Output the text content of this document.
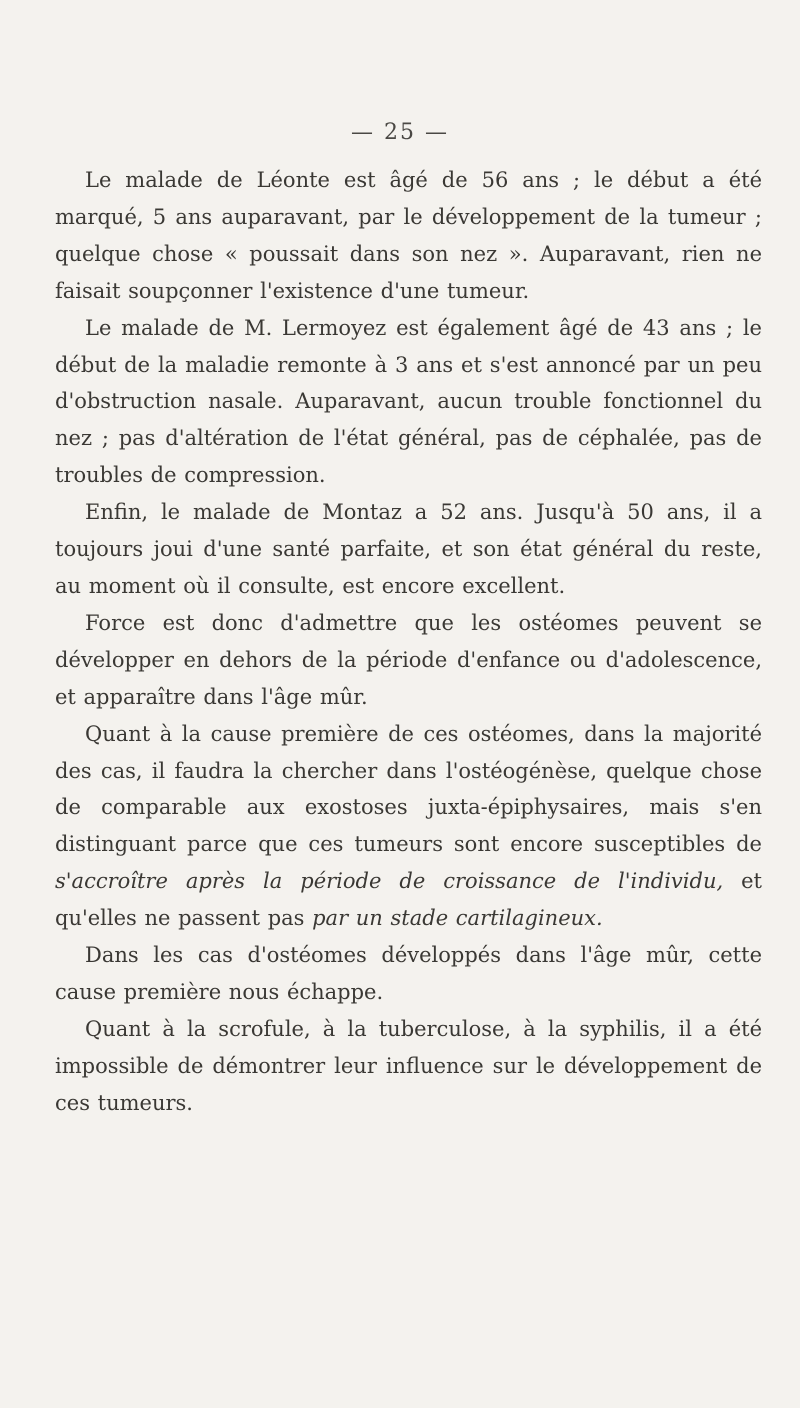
— 25 —

Le malade de Léonte est âgé de 56 ans ; le début a été marqué, 5 ans auparavant, par le développement de la tumeur ; quelque chose « poussait dans son nez ». Auparavant, rien ne faisait soupçonner l'existence d'une tumeur.

Le malade de M. Lermoyez est également âgé de 43 ans ; le début de la maladie remonte à 3 ans et s'est annoncé par un peu d'obstruction nasale. Auparavant, aucun trouble fonctionnel du nez ; pas d'altération de l'état général, pas de céphalée, pas de troubles de compression.

Enfin, le malade de Montaz a 52 ans. Jusqu'à 50 ans, il a toujours joui d'une santé parfaite, et son état général du reste, au moment où il consulte, est encore excellent.

Force est donc d'admettre que les ostéomes peuvent se développer en dehors de la période d'enfance ou d'adolescence, et apparaître dans l'âge mûr.

Quant à la cause première de ces ostéomes, dans la majorité des cas, il faudra la chercher dans l'ostéogénèse, quelque chose de comparable aux exostoses juxta-épiphysaires, mais s'en distinguant parce que ces tumeurs sont encore susceptibles de s'accroître après la période de croissance de l'individu, et qu'elles ne passent pas par un stade cartilagineux.

Dans les cas d'ostéomes développés dans l'âge mûr, cette cause première nous échappe.

Quant à la scrofule, à la tuberculose, à la syphilis, il a été impossible de démontrer leur influence sur le développement de ces tumeurs.
